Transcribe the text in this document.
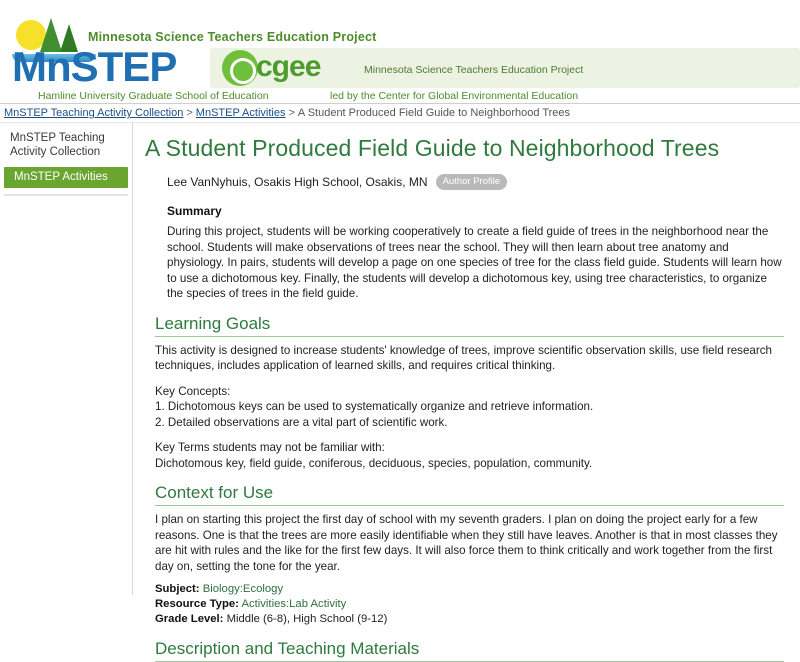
Minnesota Science Teachers Education Project
MnSTEP
Hamline University Graduate School of Education
cgee	Minnesota Science Teachers Education Project
led by the Center for Global Environmental Education
MnSTEP Teaching Activity Collection > MnSTEP Activities > A Student Produced Field Guide to Neighborhood Trees
MnSTEP Teaching Activity Collection
MnSTEP Activities
A Student Produced Field Guide to Neighborhood Trees
Lee VanNyhuis, Osakis High School, Osakis, MN	Author Profile
Summary

During this project, students will be working cooperatively to create a field guide of trees in the neighborhood near the school. Students will make observations of trees near the school. They will then learn about tree anatomy and physiology. In pairs, students will develop a page on one species of tree for the class field guide. Students will learn how to use a dichotomous key. Finally, the students will develop a dichotomous key, using tree characteristics, to organize the species of trees in the field guide.

Learning Goals

This activity is designed to increase students' knowledge of trees, improve scientific observation skills, use field research techniques, includes application of learned skills, and requires critical thinking.

Key Concepts:

1. Dichotomous keys can be used to systematically organize and retrieve information.

2. Detailed observations are a vital part of scientific work.

Key Terms students may not be familiar with:

Dichotomous key, field guide, coniferous, deciduous, species, population, community.

Context for Use

I plan on starting this project the first day of school with my seventh graders. I plan on doing the project early for a few reasons. One is that the trees are more easily identifiable when they still have leaves. Another is that in most classes they are hit with rules and the like for the first few days. It will also force them to think critically and work together from the first day on, setting the tone for the year.

Subject: Biology:Ecology
Resource Type: Activities:Lab Activity
Grade Level: Middle (6-8), High School (9-12)
Description and Teaching Materials
